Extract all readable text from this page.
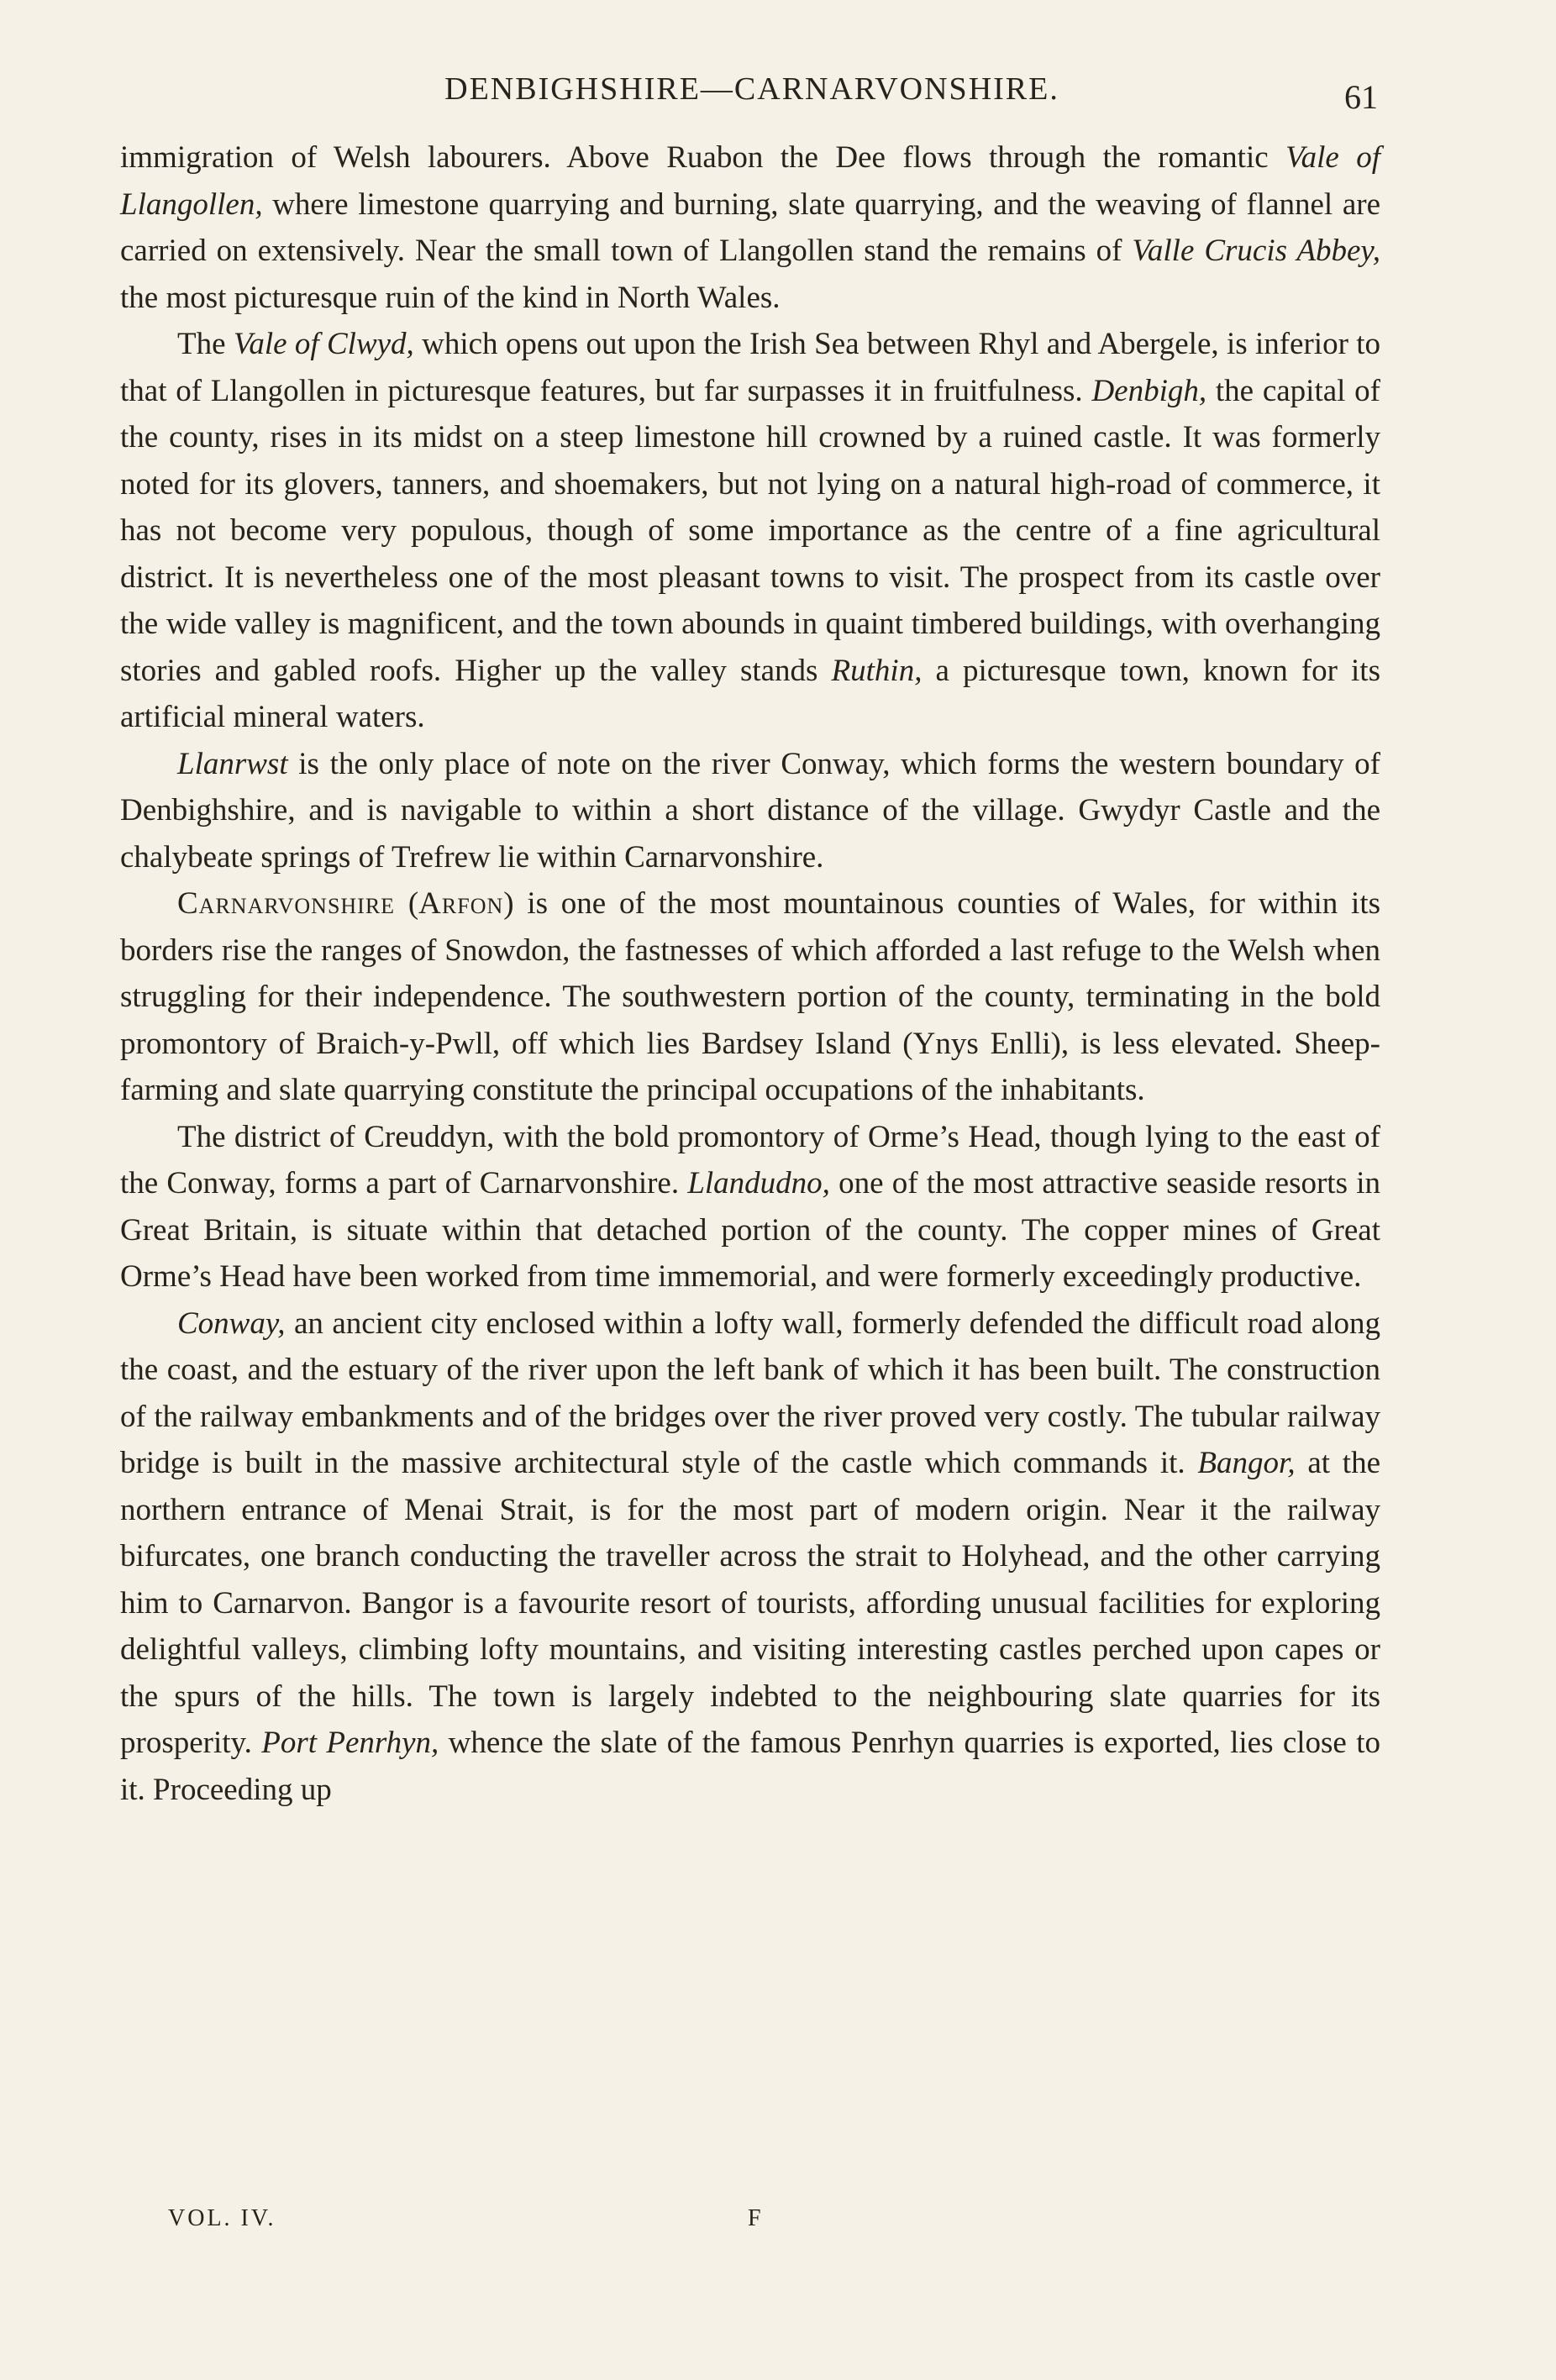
DENBIGHSHIRE—CARNARVONSHIRE.	61

immigration of Welsh labourers. Above Ruabon the Dee flows through the romantic Vale of Llangollen, where limestone quarrying and burning, slate quarrying, and the weaving of flannel are carried on extensively. Near the small town of Llangollen stand the remains of Valle Crucis Abbey, the most picturesque ruin of the kind in North Wales.

The Vale of Clwyd, which opens out upon the Irish Sea between Rhyl and Abergele, is inferior to that of Llangollen in picturesque features, but far surpasses it in fruitfulness. Denbigh, the capital of the county, rises in its midst on a steep limestone hill crowned by a ruined castle. It was formerly noted for its glovers, tanners, and shoemakers, but not lying on a natural high-road of commerce, it has not become very populous, though of some importance as the centre of a fine agricultural district. It is nevertheless one of the most pleasant towns to visit. The prospect from its castle over the wide valley is magnificent, and the town abounds in quaint timbered buildings, with overhanging stories and gabled roofs. Higher up the valley stands Ruthin, a picturesque town, known for its artificial mineral waters.

Llanrwst is the only place of note on the river Conway, which forms the western boundary of Denbighshire, and is navigable to within a short distance of the village. Gwydyr Castle and the chalybeate springs of Trefrew lie within Carnarvonshire.

Carnarvonshire (Arfon) is one of the most mountainous counties of Wales, for within its borders rise the ranges of Snowdon, the fastnesses of which afforded a last refuge to the Welsh when struggling for their independence. The southwestern portion of the county, terminating in the bold promontory of Braich-y-Pwll, off which lies Bardsey Island (Ynys Enlli), is less elevated. Sheep-farming and slate quarrying constitute the principal occupations of the inhabitants.

The district of Creuddyn, with the bold promontory of Orme’s Head, though lying to the east of the Conway, forms a part of Carnarvonshire. Llandudno, one of the most attractive seaside resorts in Great Britain, is situate within that detached portion of the county. The copper mines of Great Orme’s Head have been worked from time immemorial, and were formerly exceedingly productive.

Conway, an ancient city enclosed within a lofty wall, formerly defended the difficult road along the coast, and the estuary of the river upon the left bank of which it has been built. The construction of the railway embankments and of the bridges over the river proved very costly. The tubular railway bridge is built in the massive architectural style of the castle which commands it. Bangor, at the northern entrance of Menai Strait, is for the most part of modern origin. Near it the railway bifurcates, one branch conducting the traveller across the strait to Holyhead, and the other carrying him to Carnarvon. Bangor is a favourite resort of tourists, affording unusual facilities for exploring delightful valleys, climbing lofty mountains, and visiting interesting castles perched upon capes or the spurs of the hills. The town is largely indebted to the neighbouring slate quarries for its prosperity. Port Penrhyn, whence the slate of the famous Penrhyn quarries is exported, lies close to it. Proceeding up

VOL. IV.	F
